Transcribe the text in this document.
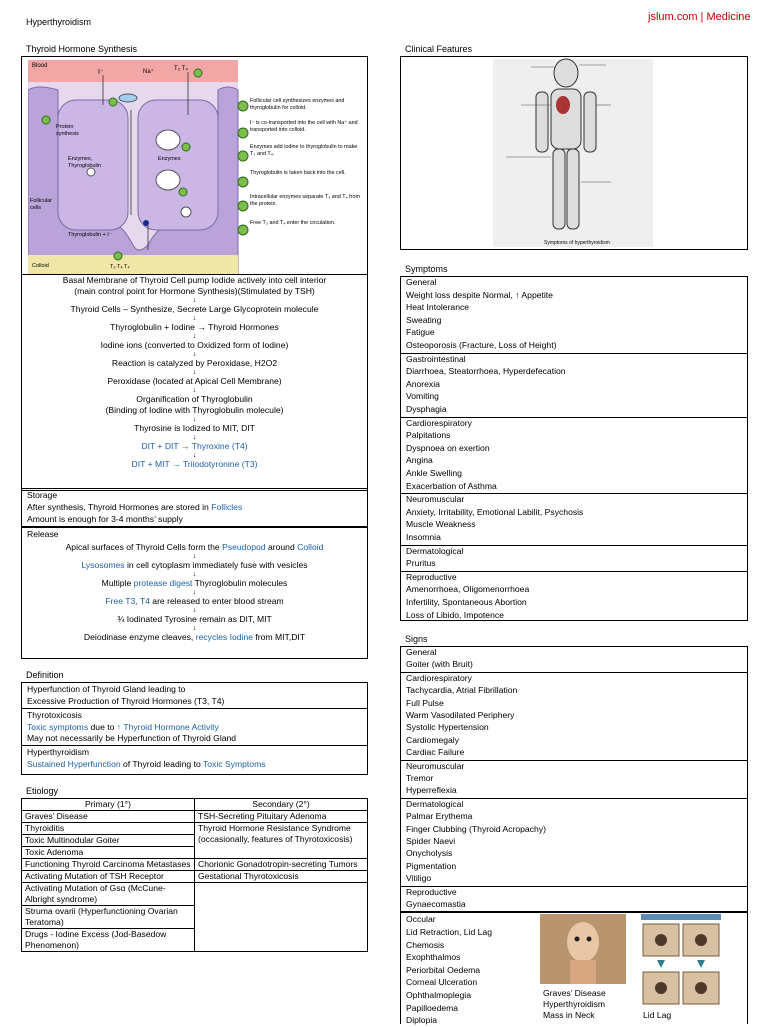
Hyperthyroidism	jslum.com | Medicine
Thyroid Hormone Synthesis
Blood
I⁻	Na⁺	T₃ T₄
Protein synthesis
Enzymes, Thyroglobulin
Enzymes
Follicular cells
Thyroglobulin + I⁻
Colloid	T₃ T₄ T₄
Follicular cell synthesizes enzymes and thyroglobulin for colloid.
I⁻ is co-transported into the cell with Na⁺ and transported into colloid.
Enzymes add iodine to thyroglobulin to make T₃ and T₄.
Thyroglobulin is taken back into the cell.
Intracellular enzymes separate T₃ and T₄ from the protein.
Free T₃ and T₄ enter the circulation.
Basal Membrane of Thyroid Cell pump Iodide actively into cell interior
(main control point for Hormone Synthesis)(Stimulated by TSH)
↓
Thyroid Cells – Synthesize, Secrete Large Glycoprotein molecule
↓
Thyroglobulin + Iodine → Thyroid Hormones
↓
Iodine ions (converted to Oxidized form of Iodine)
↓
Reaction is catalyzed by Peroxidase, H2O2
↓
Peroxidase (located at Apical Cell Membrane)
↓
Organification of Thyroglobulin
(Binding of Iodine with Thyroglobulin molecule)
↓
Thyrosine is Iodized to MIT, DIT
↓
DIT + DIT → Thyroxine (T4)
↓
DIT + MIT → Triiodotyronine (T3)
Storage
After synthesis, Thyroid Hormones are stored in Follicles
Amount is enough for 3-4 months’ supply
Release
Apical surfaces of Thyroid Cells form the Pseudopod around Colloid
↓
Lysosomes in cell cytoplasm immediately fuse with vesicles
↓
Multiple protease digest Thyroglobulin molecules
↓
Free T3, T4 are released to enter blood stream
↓
¾ Iodinated Tyrosine remain as DIT, MIT
↓
Deiodinase enzyme cleaves, recycles Iodine from MIT,DIT
Definition
Hyperfunction of Thyroid Gland leading to
Excessive Production of Thyroid Hormones (T3, T4)
Thyrotoxicosis
Toxic symptoms due to ↑ Thyroid Hormone Activity
May not necessarily be Hyperfunction of Thyroid Gland
Hyperthyroidism
Sustained Hyperfunction of Thyroid leading to Toxic Symptoms
Etiology
Primary (1°)	Secondary (2°)
Graves’ Disease	TSH-Secreting Pituitary Adenoma
Thyroiditis	Thyroid Hormone Resistance Syndrome (occasionally, features of Thyrotoxicosis)
Toxic Multinodular Goiter	
Toxic Adenoma	
Functioning Thyroid Carcinoma Metastases	Chorionic Gonadotropin-secreting Tumors
Activating Mutation of TSH Receptor	Gestational Thyrotoxicosis
Activating Mutation of Gsα (McCune-Albright syndrome)	
Struma ovarii (Hyperfunctioning Ovarian Teratoma)	
Drugs - Iodine Excess (Jod-Basedow Phenomenon)	
Clinical Features
Symptoms of hyperthyroidism
Symptoms
General
Weight loss despite Normal, ↑ Appetite
Heat Intolerance
Sweating
Fatigue
Osteoporosis (Fracture, Loss of Height)
Gastrointestinal
Diarrhoea, Steatorrhoea, Hyperdefecation
Anorexia
Vomiting
Dysphagia
Cardiorespiratory
Palpitations
Dyspnoea on exertion
Angina
Ankle Swelling
Exacerbation of Asthma
Neuromuscular
Anxiety, Irritability, Emotional Labilit, Psychosis
Muscle Weakness
Insomnia
Dermatological
Pruritus
Reproductive
Amenorrhoea, Oligomenorrhoea
Infertility, Spontaneous Abortion
Loss of Libido, Impotence
Signs
General
Goiter (with Bruit)
Cardiorespiratory
Tachycardia, Atrial Fibrillation
Full Pulse
Warm Vasodilated Periphery
Systolic Hypertension
Cardiomegaly
Cardiac Failure
Neuromuscular
Tremor
Hyperreflexia
Dermatological
Palmar Erythema
Finger Clubbing (Thyroid Acropachy)
Spider Naevi
Onycholysis
Pigmentation
Vitiligo
Reproductive
Gynaecomastia
Occular
Lid Retraction, Lid Lag
Chemosis
Exophthalmos
Periorbital Oedema
Corneal Ulceration
Ophthalmoplegia
Papilloedema
Diplopia
Graves’ Disease
Hyperthyroidism
Mass in Neck	Lid Lag
